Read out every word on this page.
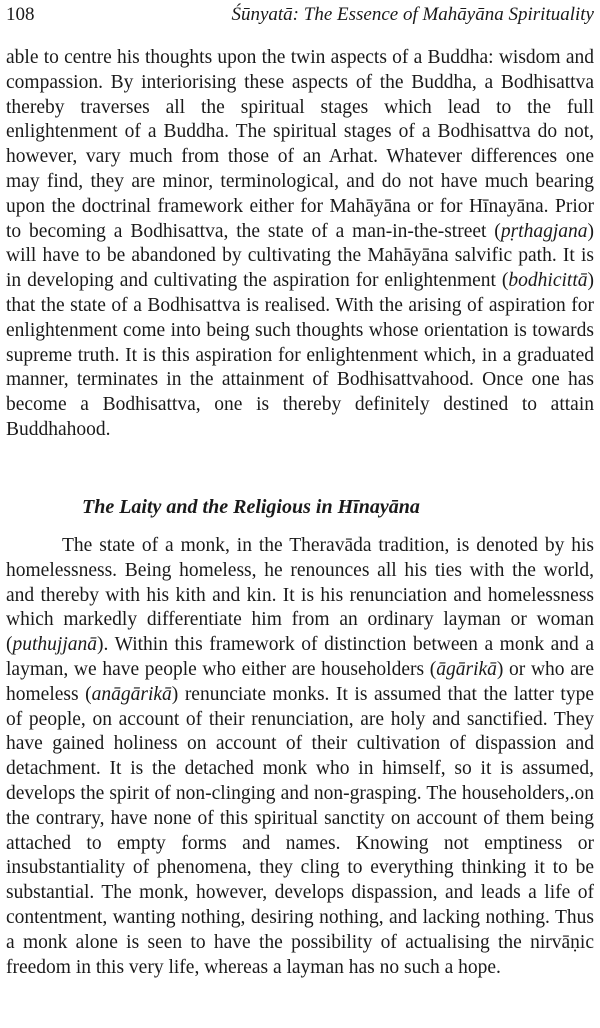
108	Śūnyatā: The Essence of Mahāyāna Spirituality

able to centre his thoughts upon the twin aspects of a Buddha: wisdom and compassion. By interiorising these aspects of the Buddha, a Bodhisattva thereby traverses all the spiritual stages which lead to the full enlightenment of a Buddha. The spiritual stages of a Bodhisattva do not, however, vary much from those of an Arhat. Whatever differences one may find, they are minor, terminological, and do not have much bearing upon the doctrinal framework either for Mahāyāna or for Hīnayāna. Prior to becoming a Bodhisattva, the state of a man-in-the-street (pṛthagjana) will have to be abandoned by cultivating the Mahāyāna salvific path. It is in developing and cultivating the aspiration for enlightenment (bodhicittā) that the state of a Bodhisattva is realised. With the arising of aspiration for enlightenment come into being such thoughts whose orientation is towards supreme truth. It is this aspiration for enlightenment which, in a graduated manner, terminates in the attainment of Bodhisattvahood. Once one has become a Bodhisattva, one is thereby definitely destined to attain Buddhahood.

The Laity and the Religious in Hīnayāna

The state of a monk, in the Theravāda tradition, is denoted by his homelessness. Being homeless, he renounces all his ties with the world, and thereby with his kith and kin. It is his renunciation and homelessness which markedly differentiate him from an ordinary layman or woman (puthujjanā). Within this framework of distinction between a monk and a layman, we have people who either are householders (āgārikā) or who are homeless (anāgārikā) renunciate monks. It is assumed that the latter type of people, on account of their renunciation, are holy and sanctified. They have gained holiness on account of their cultivation of dispassion and detachment. It is the detached monk who in himself, so it is assumed, develops the spirit of non-clinging and non-grasping. The householders,.on the contrary, have none of this spiritual sanctity on account of them being attached to empty forms and names. Knowing not emptiness or insubstantiality of phenomena, they cling to everything thinking it to be substantial. The monk, however, develops dispassion, and leads a life of contentment, wanting nothing, desiring nothing, and lacking nothing. Thus a monk alone is seen to have the possibility of actualising the nirvāṇic freedom in this very life, whereas a layman has no such a hope.
